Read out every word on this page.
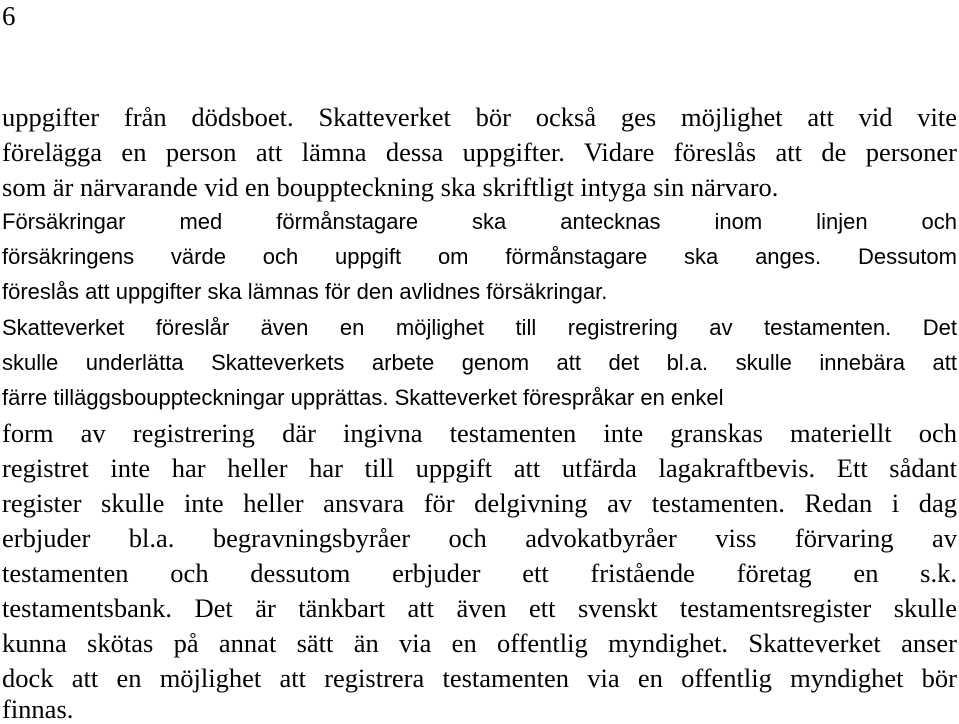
6
uppgifter från dödsboet. Skatteverket bör också ges möjlighet att vid vite
förelägga en person att lämna dessa uppgifter. Vidare föreslås att de personer
som är närvarande vid en bouppteckning ska skriftligt intyga sin närvaro.
Försäkringar med förmånstagare ska antecknas inom linjen och
försäkringens värde och uppgift om förmånstagare ska anges. Dessutom
föreslås att uppgifter ska lämnas för den avlidnes försäkringar.
Skatteverket föreslår även en möjlighet till registrering av testamenten. Det
skulle underlätta Skatteverkets arbete genom att det bl.a. skulle innebära att
färre tilläggsbouppteckningar upprättas. Skatteverket förespråkar en enkel
form av registrering där ingivna testamenten inte granskas materiellt och
registret inte har heller har till uppgift att utfärda lagakraftbevis. Ett sådant
register skulle inte heller ansvara för delgivning av testamenten. Redan i dag
erbjuder bl.a. begravningsbyråer och advokatbyråer viss förvaring av
testamenten och dessutom erbjuder ett fristående företag en s.k.
testamentsbank. Det är tänkbart att även ett svenskt testamentsregister skulle
kunna skötas på annat sätt än via en offentlig myndighet. Skatteverket anser
dock att en möjlighet att registrera testamenten via en offentlig myndighet bör
finnas.
